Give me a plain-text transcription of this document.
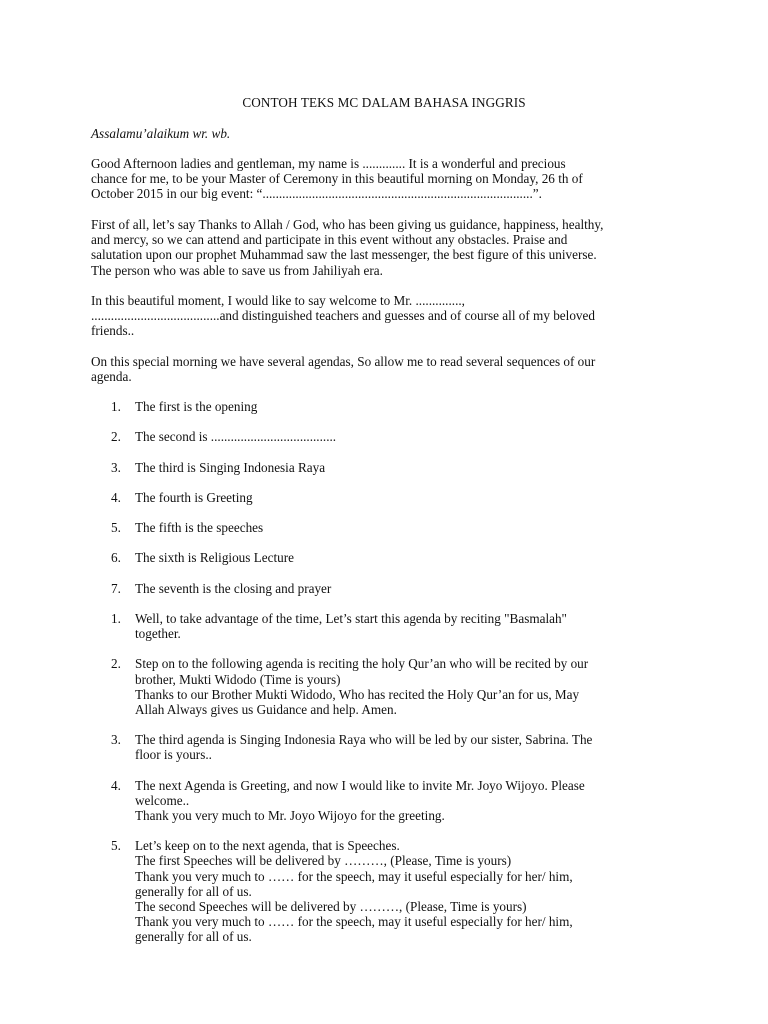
CONTOH TEKS MC DALAM BAHASA INGGRIS
Assalamu’alaikum wr. wb.
Good Afternoon ladies and gentleman, my name is ............. It is a wonderful and precious
chance for me, to be your Master of Ceremony in this beautiful morning on Monday, 26 th of
October 2015 in our big event: “..................................................................................”.
First of all, let’s say Thanks to Allah / God, who has been giving us guidance, happiness, healthy,
and mercy, so we can attend and participate in this event without any obstacles. Praise and
salutation upon our prophet Muhammad saw the last messenger, the best figure of this universe.
The person who was able to save us from Jahiliyah era.
In this beautiful moment, I would like to say welcome to Mr. ..............,
.......................................and distinguished teachers and guesses and of course all of my beloved
friends..
On this special morning we have several agendas, So allow me to read several sequences of our
agenda.
1. The first is the opening
2. The second is ......................................
3. The third is Singing Indonesia Raya
4. The fourth is Greeting
5. The fifth is the speeches
6. The sixth is Religious Lecture
7. The seventh is the closing and prayer
1. Well, to take advantage of the time, Let’s start this agenda by reciting "Basmalah"
together.
2. Step on to the following agenda is reciting the holy Qur’an who will be recited by our
brother, Mukti Widodo (Time is yours)
Thanks to our Brother Mukti Widodo, Who has recited the Holy Qur’an for us, May
Allah Always gives us Guidance and help. Amen.
3. The third agenda is Singing Indonesia Raya who will be led by our sister, Sabrina. The
floor is yours..
4. The next Agenda is Greeting, and now I would like to invite Mr. Joyo Wijoyo. Please
welcome..
Thank you very much to Mr. Joyo Wijoyo for the greeting.
5. Let’s keep on to the next agenda, that is Speeches.
The first Speeches will be delivered by ………, (Please, Time is yours)
Thank you very much to …… for the speech, may it useful especially for her/ him,
generally for all of us.
The second Speeches will be delivered by ………, (Please, Time is yours)
Thank you very much to …… for the speech, may it useful especially for her/ him,
generally for all of us.
